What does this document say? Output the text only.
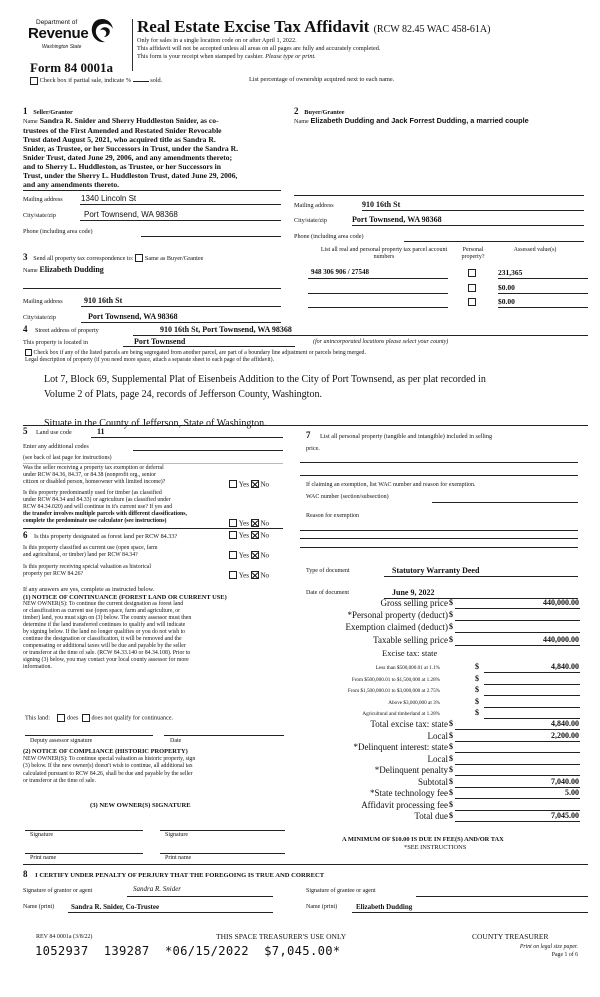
Department of
Revenue
Washington State
Form 84 0001a
Real Estate Excise Tax Affidavit (RCW 82.45 WAC 458-61A)
Only for sales in a single location code on or after April 1, 2022.
This affidavit will not be accepted unless all areas on all pages are fully and accurately completed.
This form is your receipt when stamped by cashier. Please type or print.
Check box if partial sale, indicate %	sold.	List percentage of ownership acquired next to each name.
1 Seller/Grantor
Name Sandra R. Snider and Sherry Huddleston Snider, as co-
trustees of the First Amended and Restated Snider Revocable
Trust dated August 5, 2021, who acquired title as Sandra R.
Snider, as Trustee, or her Successors in Trust, under the Sandra R.
Snider Trust, dated June 29, 2006, and any amendments thereto;
and to Sherry L. Huddleston, as Trustee, or her Successors in
Trust, under the Sherry L. Huddleston Trust, dated June 29, 2006,
and any amendments thereto.
Mailing address 1340 Lincoln St
City/state/zip	Port Townsend, WA 98368
Phone (including area code)
2 Buyer/Grantee
Name Elizabeth Dudding and Jack Forrest Dudding, a married couple
Mailing address	910 16th St
City/state/zip	Port Townsend, WA 98368
Phone (including area code)
3 Send all property tax correspondence to: Same as Buyer/Grantee
Name Elizabeth Dudding
Mailing address	910 16th St
City/state/zip	Port Townsend, WA 98368
List all real and personal property tax parcel account numbers
Personal property?
Assessed value(s)
948 306 906 / 27548	231,365
$0.00
$0.00
4 Street address of property	910 16th St, Port Townsend, WA 98368
This property is located in	Port Townsend	(for unincorporated locations please select your county)
Check box if any of the listed parcels are being segregated from another parcel, are part of a boundary line adjustment or parcels being merged.
Legal description of property (if you need more space, attach a separate sheet to each page of the affidavit).
Lot 7, Block 69, Supplemental Plat of Eisenbeis Addition to the City of Port Townsend, as per plat recorded in
Volume 2 of Plats, page 24, records of Jefferson County, Washington.
Situate in the County of Jefferson, State of Washington.
5 Land use code	11
Enter any additional codes
(see back of last page for instructions)
Was the seller receiving a property tax exemption or deferral
under RCW 84.36, 84.37, or 84.38 (nonprofit org., senior
citizen or disabled person, homeowner with limited income)?	Yes No
Is this property predominantly used for timber (as classified
under RCW 84.34 and 84.33) or agriculture (as classified under
RCW 84.34.020) and will continue in it's current use? If yes and
the transfer involves multiple parcels with different classifications,
complete the predominate use calculator (see instructions)	Yes No
6 Is this property designated as forest land per RCW 84.33?	Yes No
Is this property classified as current use (open space, farm
and agricultural, or timber) land per RCW 84.34?	Yes No
Is this property receiving special valuation as historical
property per RCW 84.26?	Yes No
If any answers are yes, complete as instructed below.
(1) NOTICE OF CONTINUANCE (FOREST LAND OR CURRENT USE)
NEW OWNER(S): To continue the current designation as forest land
or classification as current use (open space, farm and agriculture, or
timber) land, you must sign on (3) below. The county assessor must then
determine if the land transferred continues to qualify and will indicate
by signing below. If the land no longer qualifies or you do not wish to
continue the designation or classification, it will be removed and the
compensating or additional taxes will be due and payable by the seller
or transferor at the time of sale. (RCW 84.33.140 or 84.34.108). Prior to
signing (3) below, you may contact your local county assessor for more
information.
This land:	does does not qualify for continuance.
Deputy assessor signature	Date
(2) NOTICE OF COMPLIANCE (HISTORIC PROPERTY)
NEW OWNER(S): To continue special valuation as historic property, sign
(3) below. If the new owner(s) doesn't wish to continue, all additional tax
calculated pursuant to RCW 84.26, shall be due and payable by the seller
or transferor at the time of sale.
(3) NEW OWNER(S) SIGNATURE
Signature	Signature
Print name	Print name
7 List all personal property (tangible and intangible) included in selling
price.
If claiming an exemption, list WAC number and reason for exemption.
WAC number (section/subsection)
Reason for exemption
Type of document	Statutory Warranty Deed
Date of document	June 9, 2022
Gross selling price $	440,000.00
*Personal property (deduct) $
Exemption claimed (deduct) $
Taxable selling price $	440,000.00
Excise tax: state
Less than $500,000.01 at 1.1%	$	4,840.00
From $500,000.01 to $1,500,000 at 1.28%	$
From $1,500,000.01 to $3,000,000 at 2.75%	$
Above $3,000,000 at 3%	$
Agricultural and timberland at 1.28%	$
Total excise tax: state $	4,840.00
Local $	2,200.00
*Delinquent interest: state $
Local $
*Delinquent penalty $
Subtotal $	7,040.00
*State technology fee $	5.00
Affidavit processing fee $
Total due $	7,045.00
A MINIMUM OF $10.00 IS DUE IN FEE(S) AND/OR TAX
*SEE INSTRUCTIONS
8 I CERTIFY UNDER PENALTY OF PERJURY THAT THE FOREGOING IS TRUE AND CORRECT
Signature of grantor or agent	Sandra R. Snider	Signature of grantee or agent
Name (print)	Sandra R. Snider, Co-Trustee	Name (print)	Elizabeth Dudding
REV 84 0001a (3/8/22)	THIS SPACE TREASURER'S USE ONLY	COUNTY TREASURER
Print on legal size paper.
Page 1 of 6
1052937  139287  *06/15/2022  $7,045.00*
